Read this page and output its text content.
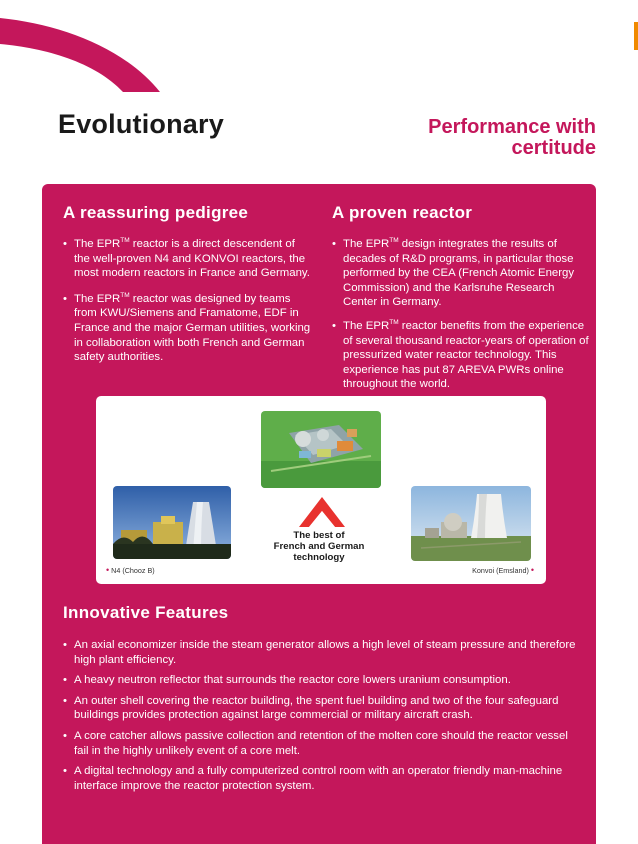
Evolutionary	Performance with
certitude
A reassuring pedigree
• The EPR™ reactor is a direct descendent of the well-proven N4 and KONVOI reactors, the most modern reactors in France and Germany.
• The EPR™ reactor was designed by teams from KWU/Siemens and Framatome, EDF in France and the major German utilities, working in collaboration with both French and German safety authorities.
A proven reactor
• The EPR™ design integrates the results of decades of R&D programs, in particular those performed by the CEA (French Atomic Energy Commission) and the Karlsruhe Research Center in Germany.
• The EPR™ reactor benefits from the experience of several thousand reactor-years of operation of pressurized water reactor technology. This experience has put 87 AREVA PWRs online throughout the world.
Innovative Features
• An axial economizer inside the steam generator allows a high level of steam pressure and therefore high plant efficiency.
• A heavy neutron reflector that surrounds the reactor core lowers uranium consumption.
• An outer shell covering the reactor building, the spent fuel building and two of the four safeguard buildings provides protection against large commercial or military aircraft crash.
• A core catcher allows passive collection and retention of the molten core should the reactor vessel fail in the highly unlikely event of a core melt.
• A digital technology and a fully computerized control room with an operator friendly man-machine interface improve the reactor protection system.
The best of
French and German
technology
• N4 (Chooz B)	Konvoi (Emsland) •
